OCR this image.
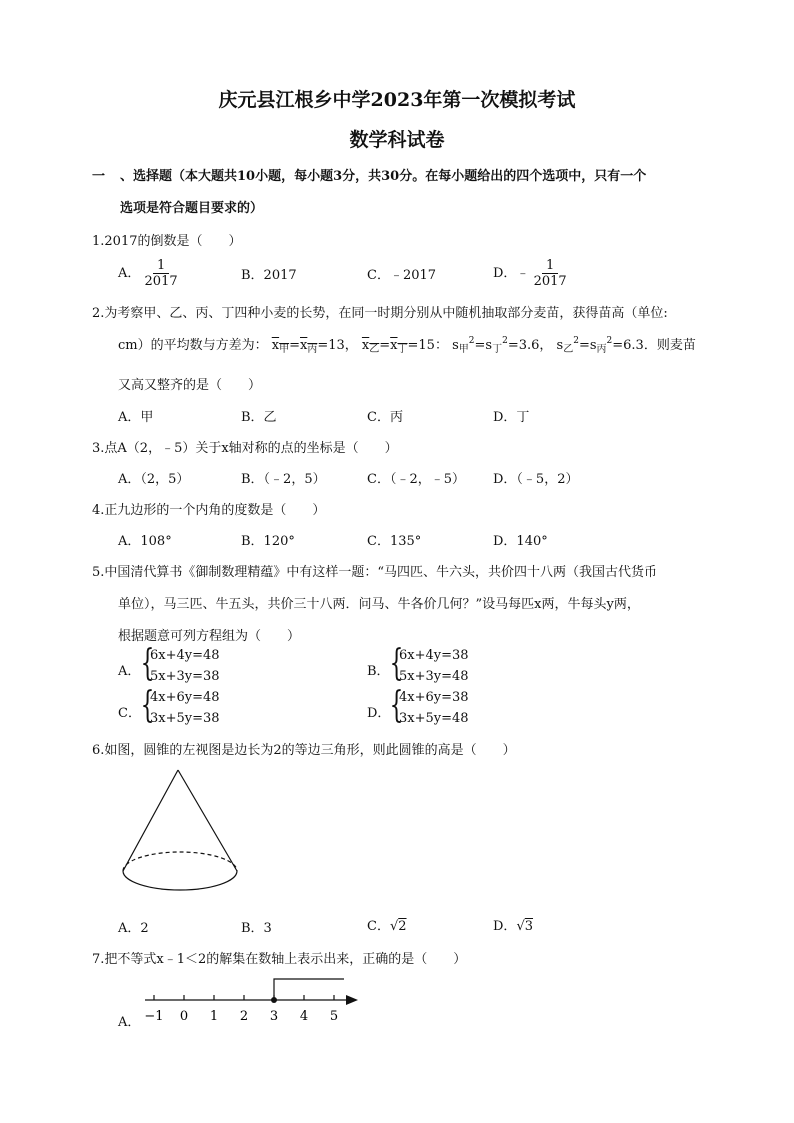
庆元县江根乡中学2023年第一次模拟考试
数学科试卷
一 、选择题（本大题共10小题，每小题3分，共30分。在每小题给出的四个选项中，只有一个
选项是符合题目要求的）
1.2017的倒数是（　　）
A． $\frac{1}{2017}$	B．2017	C．﹣2017	D．﹣ $\frac{1}{2017}$
2.为考察甲、乙、丙、丁四种小麦的长势，在同一时期分别从中随机抽取部分麦苗，获得苗高（单位:
cm）的平均数与方差为： $x_甲=x_丙=13$， $x_乙=x_丁=15$： $s_甲^2=s_丁^2=3.6$， $s_乙^2=s_丙^2=6.3$．则麦苗
又高又整齐的是（　　）
A．甲	B．乙	C．丙	D．丁
3.点A（2，﹣5）关于x轴对称的点的坐标是（　　）
A．（2，5）	B．（﹣2，5）	C．（﹣2，﹣5） D．（﹣5，2）
4.正九边形的一个内角的度数是（　　）
A．108°	B．120°	C．135°	D．140°
5.中国清代算书《御制数理精蕴》中有这样一题：“马四匹、牛六头，共价四十八两（我国古代货币
单位），马三匹、牛五头，共价三十八两．问马、牛各价几何？”设马每匹x两，牛每头y两，
根据题意可列方程组为（　　）
A． {
6x+4y=48
5x+3y=38	B． {
6x+4y=38
5x+3y=48
C． {
4x+6y=48
3x+5y=38	D． {
4x+6y=38
3x+5y=48
6.如图，圆锥的左视图是边长为2的等边三角形，则此圆锥的高是（　　）
A．2	B．3	C．√2	D．√3
7.把不等式x﹣1＜2的解集在数轴上表示出来，正确的是（　　）
A． −1 0 1 2 3 4 5
